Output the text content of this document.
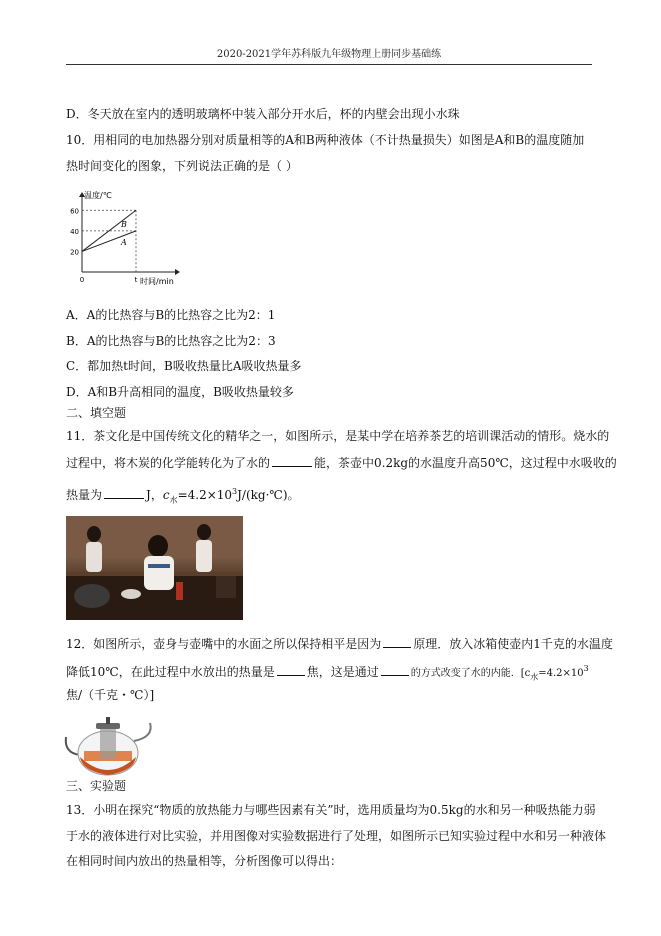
2020-2021学年苏科版九年级物理上册同步基础练
D．冬天放在室内的透明玻璃杯中装入部分开水后，杯的内壁会出现小水珠
10．用相同的电加热器分别对质量相等的A和B两种液体（不计热量损失）如图是A和B的温度随加
热时间变化的图象，下列说法正确的是（ ）
20
40
60
0	t
A
B
温度/℃
时间/min
A．A的比热容与B的比热容之比为2：1
B．A的比热容与B的比热容之比为2：3
C．都加热t时间，B吸收热量比A吸收热量多
D．A和B升高相同的温度，B吸收热量较多
二、填空题
11．茶文化是中国传统文化的精华之一，如图所示，是某中学在培养茶艺的培训课活动的情形。烧水的
过程中，将木炭的化学能转化为了水的	能，茶壶中0.2kg的水温度升高50℃，这过程中水吸收的
热量为	J，$c_水=4.2\times 10^3J/(kg\cdot℃)$。
12．如图所示，壶身与壶嘴中的水面之所以保持相平是因为	原理．放入冰箱使壶内1千克的水温度
降低10℃，在此过程中水放出的热量是	焦，这是通过	的方式改变了水的内能．[$c_水=4.2\times 10^3$
焦/（千克・℃）]
三、实验题
13．小明在探究“物质的放热能力与哪些因素有关”时，选用质量均为0.5kg的水和另一种吸热能力弱
于水的液体进行对比实验，并用图像对实验数据进行了处理，如图所示已知实验过程中水和另一种液体
在相同时间内放出的热量相等，分析图像可以得出：
